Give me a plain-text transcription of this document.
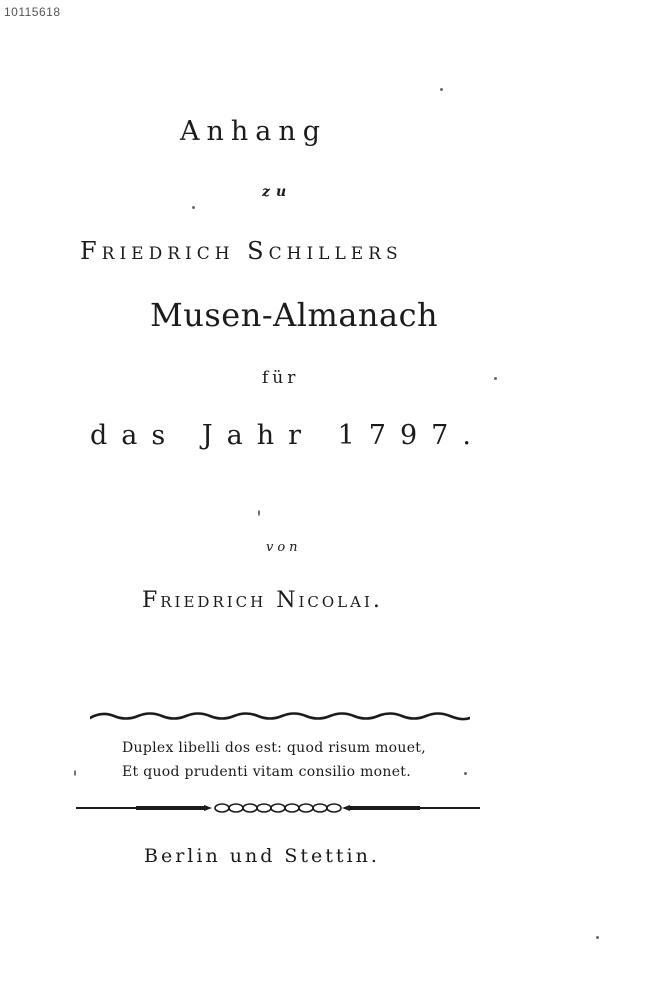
10115618
Anhang
zu
Friedrich Schillers
Musen-Almanach
für
das Jahr 1797.
von
Friedrich Nicolai.
Duplex libelli dos est: quod risum mouet,
Et quod prudenti vitam consilio monet.
Berlin und Stettin.
